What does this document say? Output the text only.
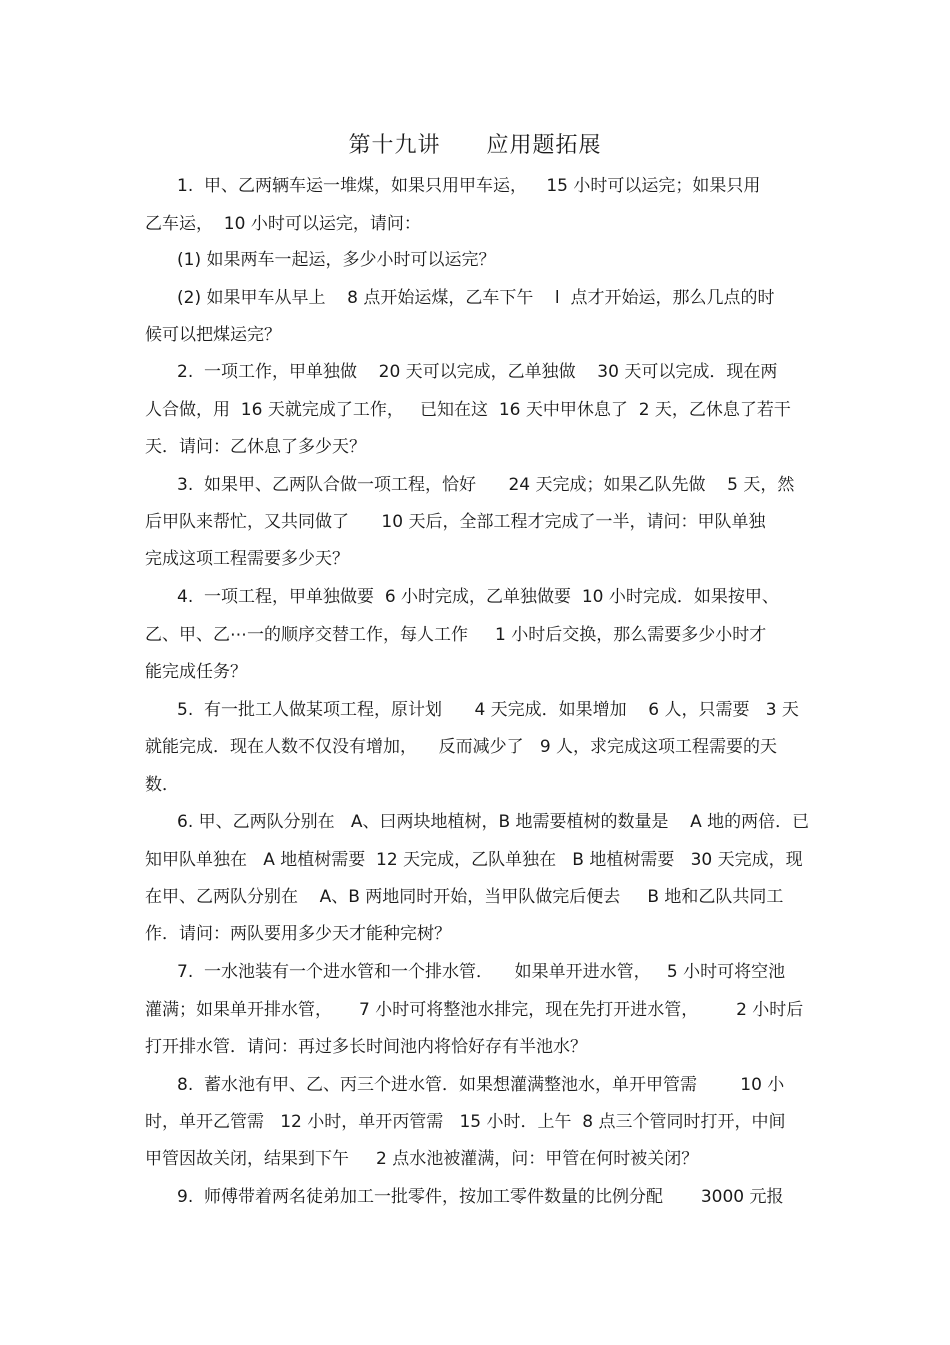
第十九讲　　应用题拓展
1.  甲、乙两辆车运一堆煤，如果只用甲车运，　  15 小时可以运完；如果只用
乙车运，  10 小时可以运完，请问：
(1) 如果两车一起运，多少小时可以运完？
(2) 如果甲车从早上    8 点开始运煤，乙车下午    l  点才开始运，那么几点的时
候可以把煤运完？
2.  一项工作，甲单独做    20 天可以完成，乙单独做    30 天可以完成．现在两
人合做，用  16 天就完成了工作，   已知在这  16 天中甲休息了  2 天，乙休息了若干
天．请问：乙休息了多少天？
3.  如果甲、乙两队合做一项工程，恰好      24 天完成；如果乙队先做    5 天，然
后甲队来帮忙，又共同做了      10 天后，全部工程才完成了一半，请问：甲队单独
完成这项工程需要多少天？
4.  一项工程，甲单独做要  6 小时完成，乙单独做要  10 小时完成．如果按甲、
乙、甲、乙⋯一的顺序交替工作，每人工作     1 小时后交换，那么需要多少小时才
能完成任务？
5.  有一批工人做某项工程，原计划      4 天完成．如果增加    6 人，只需要   3 天
就能完成．现在人数不仅没有增加，    反而减少了   9 人，求完成这项工程需要的天
数．
6. 甲、乙两队分别在   A、曰两块地植树，B 地需要植树的数量是    A 地的两倍．已
知甲队单独在   A 地植树需要  12 天完成，乙队单独在   B 地植树需要   30 天完成，现
在甲、乙两队分别在    A、B 两地同时开始，当甲队做完后便去     B 地和乙队共同工
作．请问：两队要用多少天才能种完树？
7.  一水池装有一个进水管和一个排水管．    如果单开进水管，   5 小时可将空池
灌满；如果单开排水管，     7 小时可将整池水排完，现在先打开进水管，       2 小时后
打开排水管．请问：再过多长时间池内将恰好存有半池水？
8.  蓄水池有甲、乙、丙三个进水管．如果想灌满整池水，单开甲管需        10 小
时，单开乙管需   12 小时，单开丙管需   15 小时．上午  8 点三个管同时打开，中间
甲管因故关闭，结果到下午     2 点水池被灌满，问：甲管在何时被关闭？
9.  师傅带着两名徒弟加工一批零件，按加工零件数量的比例分配       3000 元报
